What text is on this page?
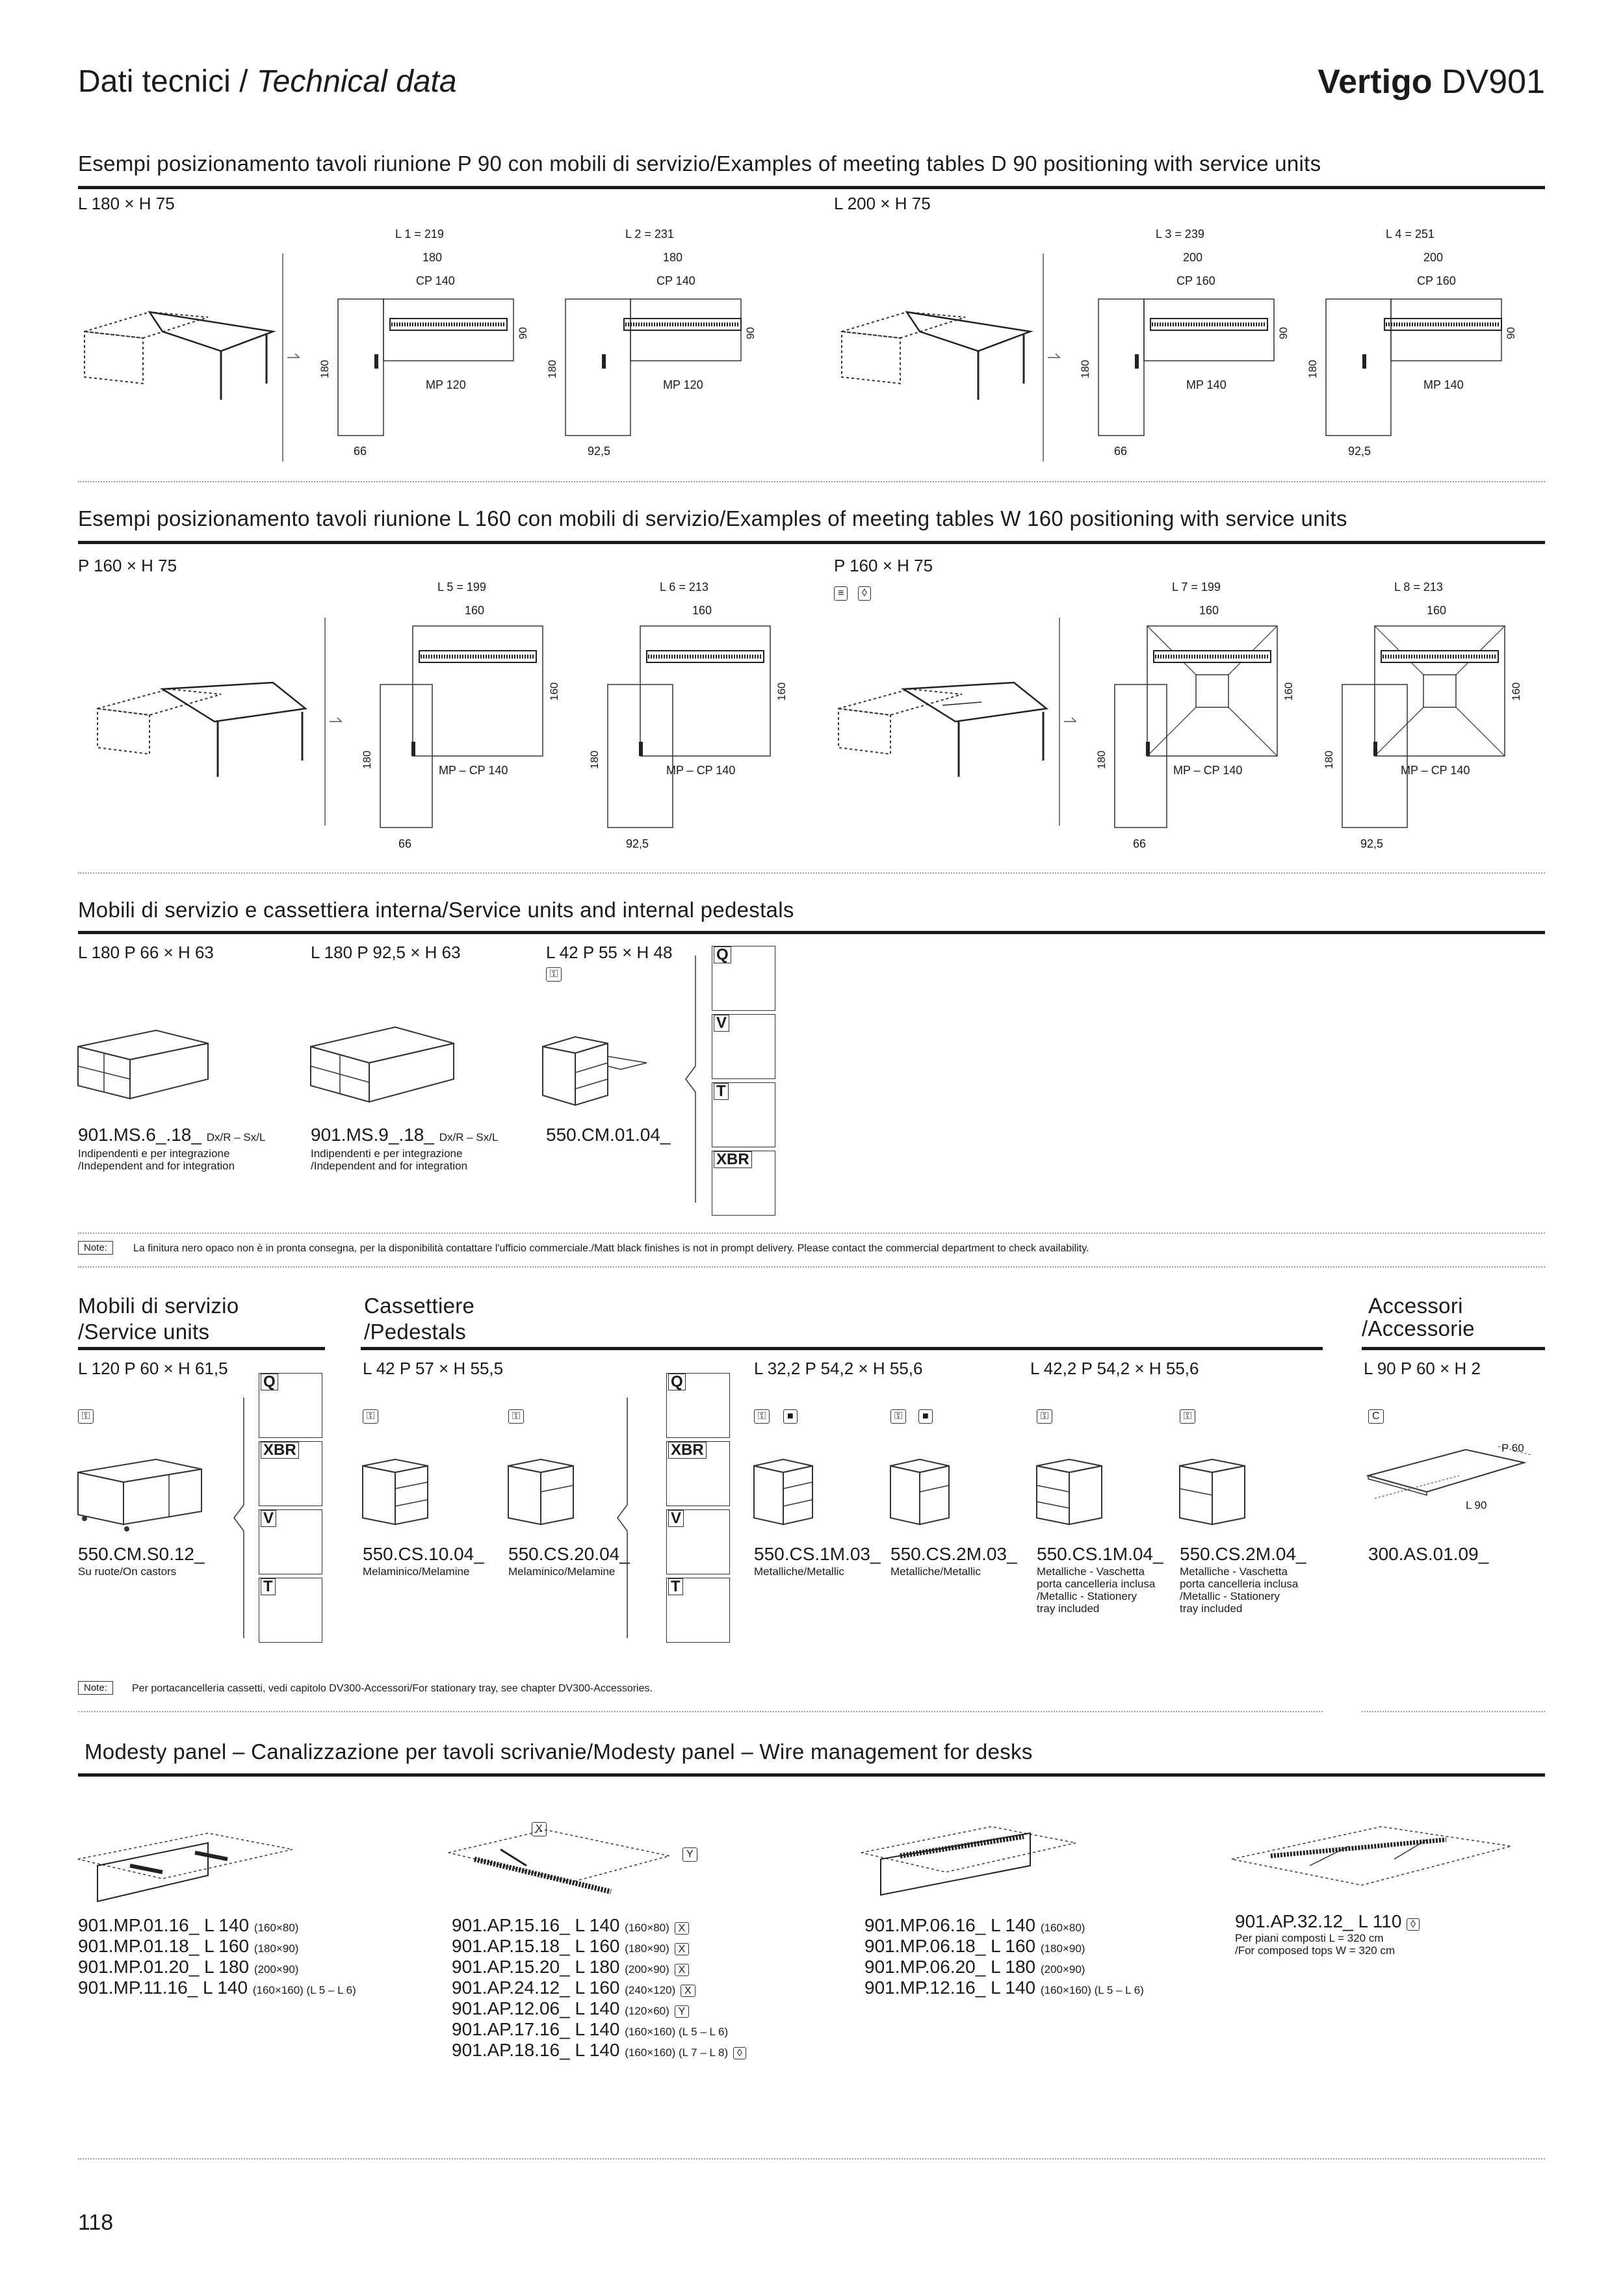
Dati tecnici / Technical data	Vertigo DV901
Esempi posizionamento tavoli riunione P 90 con mobili di servizio/Examples of meeting tables D 90 positioning with service units
L 180 × H 75	L 200 × H 75
L 1 = 219
180
CP 140
MP 120
90
180
66
L 2 = 231
180
CP 140
MP 120
90
180
92,5
L 3 = 239
200
CP 160
MP 140
90
180
66
L 4 = 251
200
CP 160
MP 140
90
180
92,5
Esempi posizionamento tavoli riunione L 160 con mobili di servizio/Examples of meeting tables W 160 positioning with service units
P 160 × H 75	P 160 × H 75
≡	◊
L 5 = 199
160
MP – CP 140
160
180
66
L 6 = 213
160
MP – CP 140
160
180
92,5
L 7 = 199
160
MP – CP 140
160
180
66
L 8 = 213
160
MP – CP 140
160
180
92,5
Mobili di servizio e cassettiera interna/Service units and internal pedestals
L 180 P 66 × H 63	L 180 P 92,5 × H 63	L 42 P 55 × H 48
⚿
Q
V
T
XBR
901.MS.6_.18_ Dx/R – Sx/L
Indipendenti e per integrazione
/Independent and for integration
901.MS.9_.18_ Dx/R – Sx/L
Indipendenti e per integrazione
/Independent and for integration
550.CM.01.04_
Note:	La finitura nero opaco non è in pronta consegna, per la disponibilità contattare l'ufficio commerciale./Matt black finishes is not in prompt delivery. Please contact the commercial department to check availability.
Mobili di servizio
/Service units
Cassettiere
/Pedestals
Accessori
/Accessorie
L 120 P 60 × H 61,5	L 42 P 57 × H 55,5	L 32,2 P 54,2 × H 55,6	L 42,2 P 54,2 × H 55,6	L 90 P 60 × H 2
⚿	⚿	⚿	⚿	■	⚿	■	⚿	⚿	C
Q
XBR
V
T
550.CM.S0.12_
Su ruote/On castors
Q
XBR
V
T
550.CS.10.04_
Melaminico/Melamine
550.CS.20.04_
Melaminico/Melamine
550.CS.1M.03_
Metalliche/Metallic
550.CS.2M.03_
Metalliche/Metallic
550.CS.1M.04_
Metalliche - Vaschetta
porta cancelleria inclusa
/Metallic - Stationery
tray included
550.CS.2M.04_
Metalliche - Vaschetta
porta cancelleria inclusa
/Metallic - Stationery
tray included
P 60
L 90
300.AS.01.09_
Note:	Per portacancelleria cassetti, vedi capitolo DV300-Accessori/For stationary tray, see chapter DV300-Accessories.
Modesty panel – Canalizzazione per tavoli scrivanie/Modesty panel – Wire management for desks
X
Y
901.MP.01.16_ L 140 (160×80)
901.MP.01.18_ L 160 (180×90)
901.MP.01.20_ L 180 (200×90)
901.MP.11.16_ L 140 (160×160) (L 5 – L 6)
901.AP.15.16_ L 140 (160×80) X
901.AP.15.18_ L 160 (180×90) X
901.AP.15.20_ L 180 (200×90) X
901.AP.24.12_ L 160 (240×120) X
901.AP.12.06_ L 140 (120×60) Y
901.AP.17.16_ L 140 (160×160) (L 5 – L 6)
901.AP.18.16_ L 140 (160×160) (L 7 – L 8) ◊
901.MP.06.16_ L 140 (160×80)
901.MP.06.18_ L 160 (180×90)
901.MP.06.20_ L 180 (200×90)
901.MP.12.16_ L 140 (160×160) (L 5 – L 6)
901.AP.32.12_ L 110 ◊
Per piani composti L = 320 cm
/For composed tops W = 320 cm
118
